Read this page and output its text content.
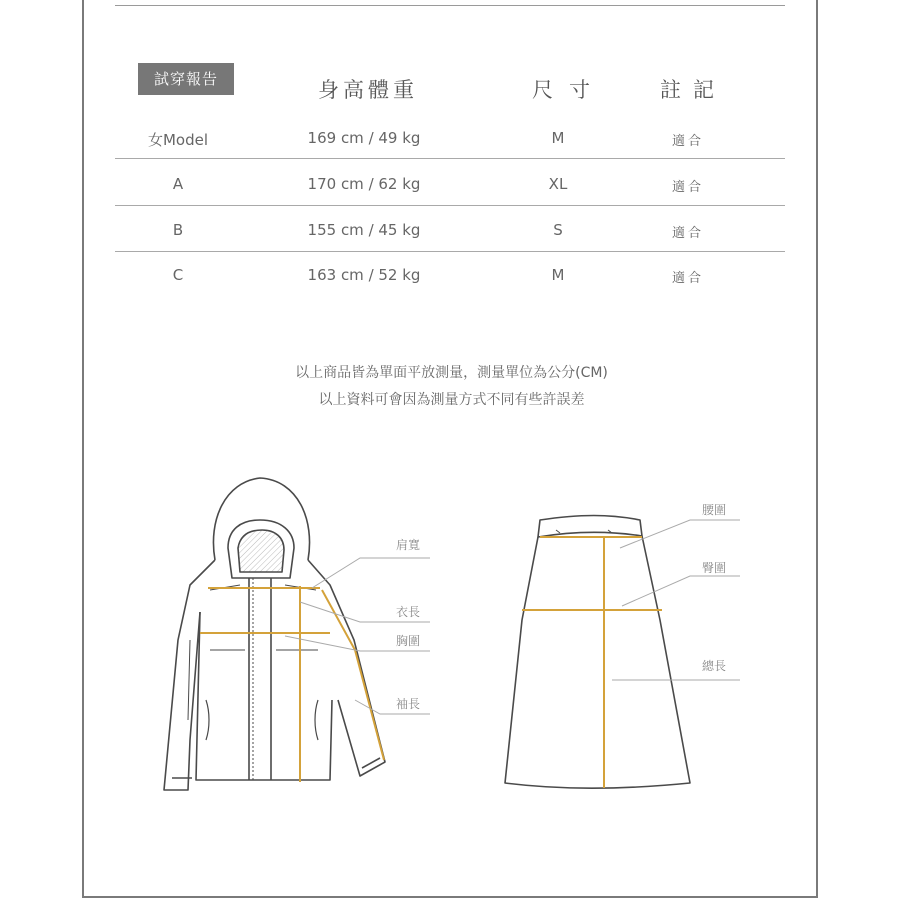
試穿報告	身高體重	尺寸	註記
女Model	169 cm / 49 kg	M	適合
A	170 cm / 62 kg	XL	適合
B	155 cm / 45 kg	S	適合
C	163 cm / 52 kg	M	適合
以上商品皆為單面平放測量，測量單位為公分(CM)
以上資料可會因為測量方式不同有些許誤差
肩寬
衣長
胸圍
袖長
腰圍
臀圍
總長
